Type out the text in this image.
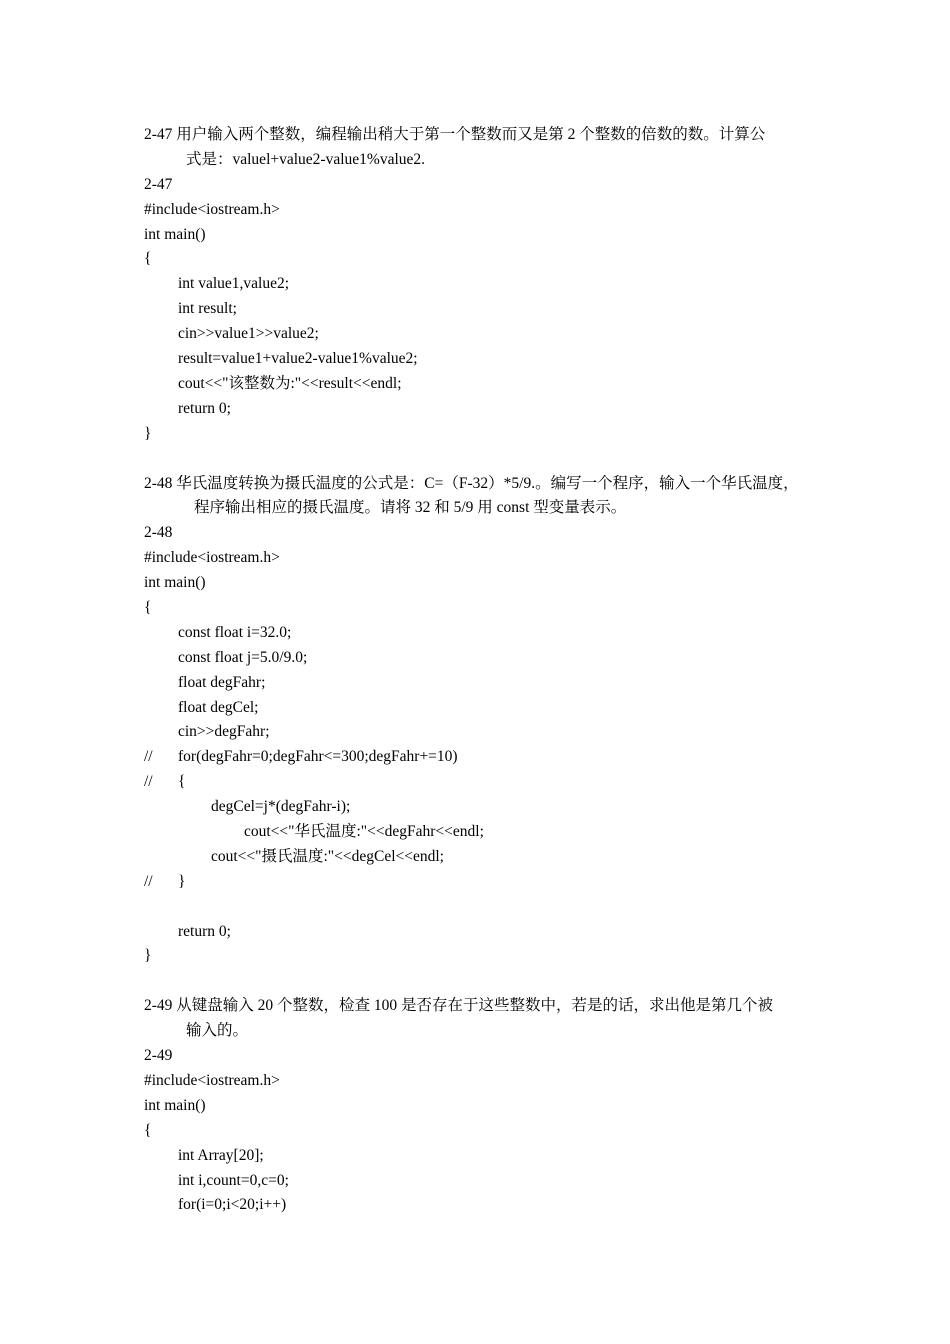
2-47 用户输入两个整数，编程输出稍大于第一个整数而又是第 2 个整数的倍数的数。计算公
式是：valuel+value2-value1%value2.
2-47
#include<iostream.h>
int main()
{
int value1,value2;
int result;
cin>>value1>>value2;
result=value1+value2-value1%value2;
cout<<"该整数为:"<<result<<endl;
return 0;
}
2-48 华氏温度转换为摄氏温度的公式是：C=（F-32）*5/9.。编写一个程序，输入一个华氏温度，
程序输出相应的摄氏温度。请将 32 和 5/9 用 const 型变量表示。
2-48
#include<iostream.h>
int main()
{
const float i=32.0;
const float j=5.0/9.0;
float degFahr;
float degCel;
cin>>degFahr;
// for(degFahr=0;degFahr<=300;degFahr+=10)
// {
degCel=j*(degFahr-i);
cout<<"华氏温度:"<<degFahr<<endl;
cout<<"摄氏温度:"<<degCel<<endl;
// }
return 0;
}
2-49 从键盘输入 20 个整数，检查 100 是否存在于这些整数中，若是的话，求出他是第几个被
输入的。
2-49
#include<iostream.h>
int main()
{
int Array[20];
int i,count=0,c=0;
for(i=0;i<20;i++)
